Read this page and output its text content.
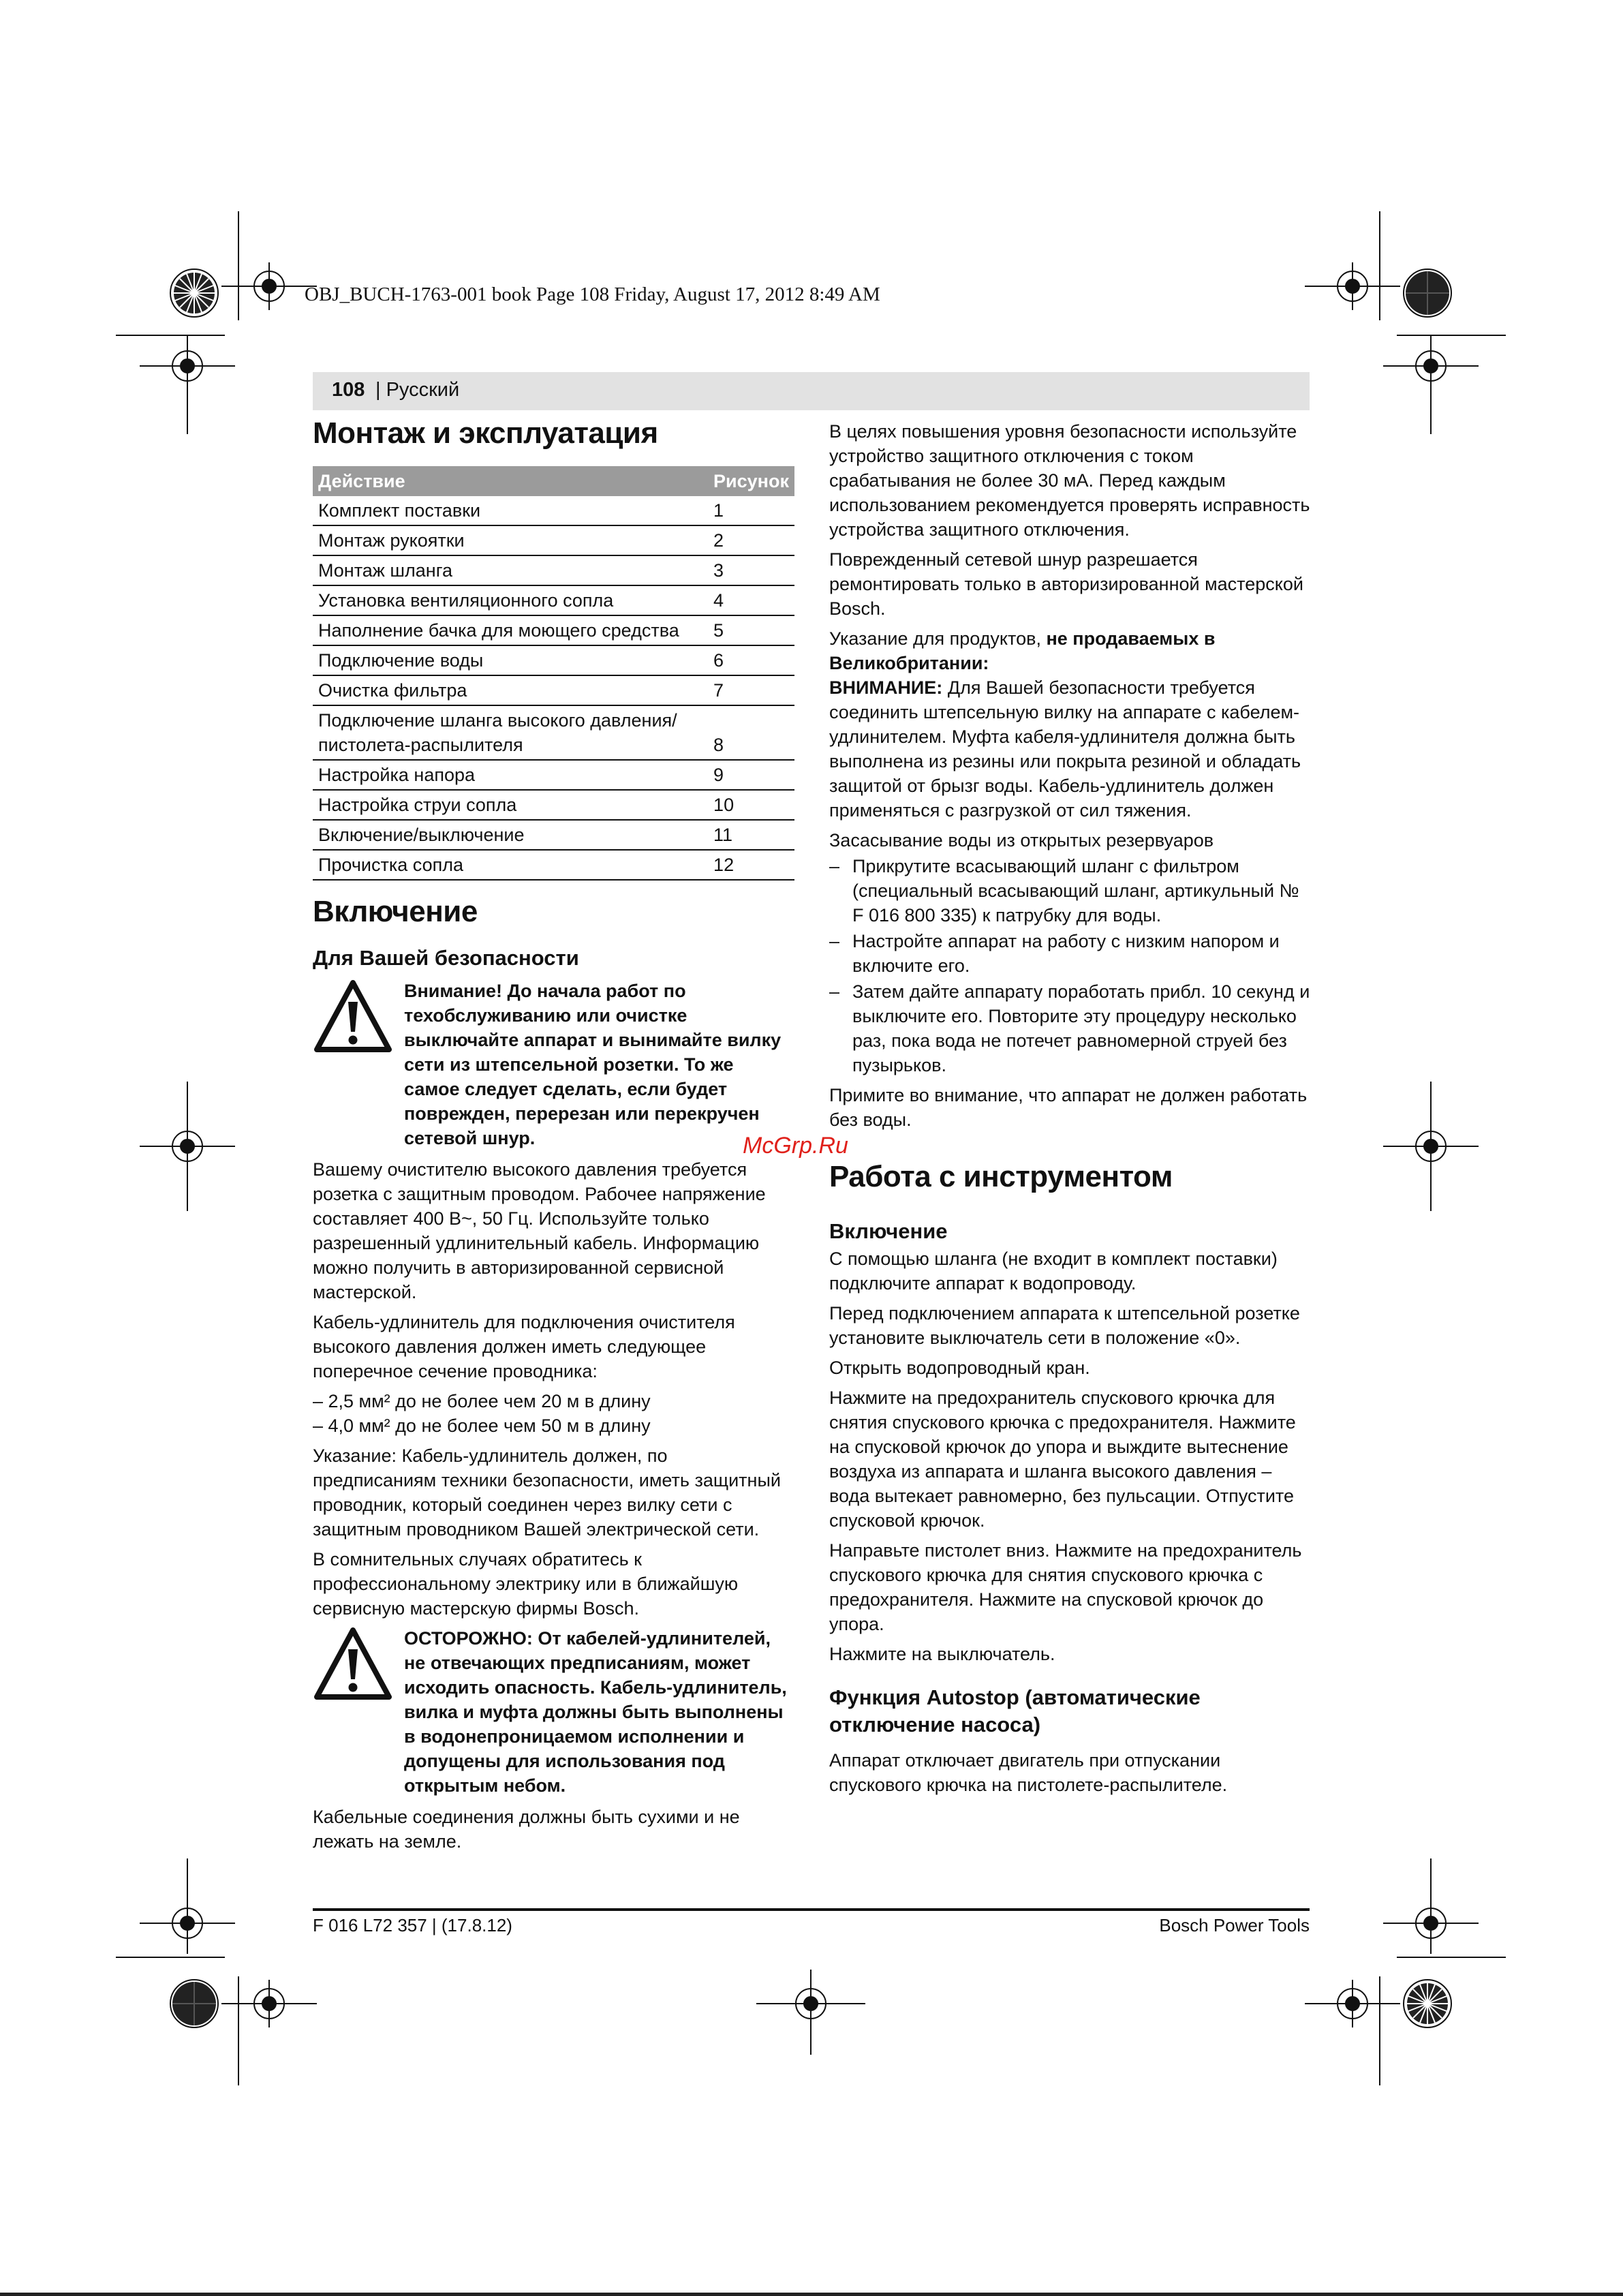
OBJ_BUCH-1763-001 book Page 108 Friday, August 17, 2012 8:49 AM
108 | Русский
Монтаж и эксплуатация
Действие	Рисунок
Комплект поставки	1
Монтаж рукоятки	2
Монтаж шланга	3
Установка вентиляционного сопла	4
Наполнение бачка для моющего средства	5
Подключение воды	6
Очистка фильтра	7
Подключение шланга высокого давления/ пистолета-распылителя	8
Настройка напора	9
Настройка струи сопла	10
Включение/выключение	11
Прочистка сопла	12
Включение
Для Вашей безопасности
Внимание! До начала работ по техобслуживанию или очистке выключайте аппарат и вынимайте вилку сети из штепсельной розетки. То же самое следует сделать, если будет поврежден, перерезан или перекручен сетевой шнур.

Вашему очистителю высокого давления требуется розетка с защитным проводом. Рабочее напряжение составляет 400 В~, 50 Гц. Используйте только разрешенный удлинительный кабель. Информацию можно получить в авторизированной сервисной мастерской.

Кабель-удлинитель для подключения очистителя высокого давления должен иметь следующее поперечное сечение проводника:

– 2,5 мм² до не более чем 20 м в длину
– 4,0 мм² до не более чем 50 м в длину

Указание: Кабель-удлинитель должен, по предписаниям техники безопасности, иметь защитный проводник, который соединен через вилку сети с защитным проводником Вашей электрической сети.

В сомнительных случаях обратитесь к профессиональному электрику или в ближайшую сервисную мастерскую фирмы Bosch.

ОСТОРОЖНО: От кабелей-удлинителей, не отвечающих предписаниям, может исходить опасность. Кабель-удлинитель, вилка и муфта должны быть выполнены в водонепроницаемом исполнении и допущены для использования под открытым небом.

Кабельные соединения должны быть сухими и не лежать на земле.

В целях повышения уровня безопасности используйте устройство защитного отключения с током срабатывания не более 30 мА. Перед каждым использованием рекомендуется проверять исправность устройства защитного отключения.

Поврежденный сетевой шнур разрешается ремонтировать только в авторизированной мастерской Bosch.

Указание для продуктов, не продаваемых в Великобритании:

ВНИМАНИЕ: Для Вашей безопасности требуется соединить штепсельную вилку на аппарате с кабелем-удлинителем. Муфта кабеля-удлинителя должна быть выполнена из резины или покрыта резиной и обладать защитой от брызг воды. Кабель-удлинитель должен применяться с разгрузкой от сил тяжения.

Засасывание воды из открытых резервуаров

– Прикрутите всасывающий шланг с фильтром (специальный всасывающий шланг, артикульный № F 016 800 335) к патрубку для воды.
– Настройте аппарат на работу с низким напором и включите его.
– Затем дайте аппарату поработать прибл. 10 секунд и выключите его. Повторите эту процедуру несколько раз, пока вода не потечет равномерной струей без пузырьков.

Примите во внимание, что аппарат не должен работать без воды.

Работа с инструментом
Включение

С помощью шланга (не входит в комплект поставки) подключите аппарат к водопроводу.

Перед подключением аппарата к штепсельной розетке установите выключатель сети в положение «0».

Открыть водопроводный кран.

Нажмите на предохранитель спускового крючка для снятия спускового крючка с предохранителя. Нажмите на спусковой крючок до упора и выждите вытеснение воздуха из аппарата и шланга высокого давления – вода вытекает равномерно, без пульсации. Отпустите спусковой крючок.

Направьте пистолет вниз. Нажмите на предохранитель спускового крючка для снятия спускового крючка с предохранителя. Нажмите на спусковой крючок до упора.

Нажмите на выключатель.

Функция Autostop (автоматические отключение насоса)

Аппарат отключает двигатель при отпускании спускового крючка на пистолете-распылителе.

McGrp.Ru
F 016 L72 357 | (17.8.12)	Bosch Power Tools
